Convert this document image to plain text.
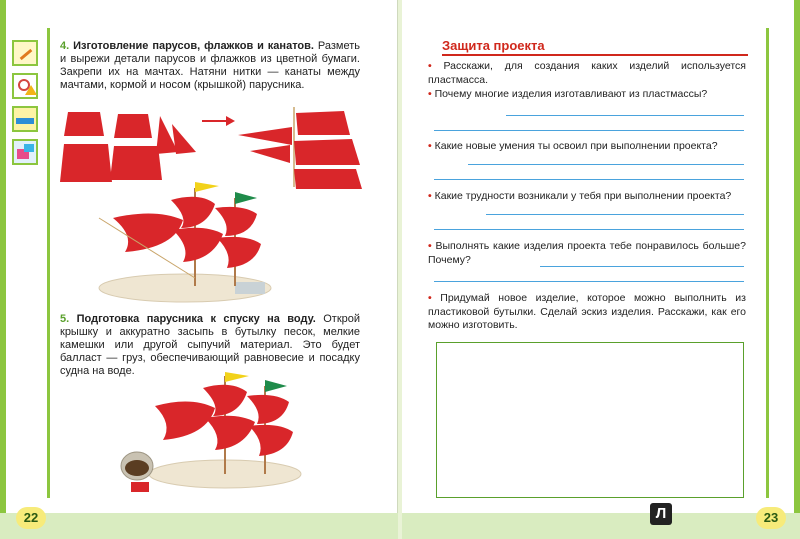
4. Изготовление парусов, флажков и канатов. Разметь и вырежи детали парусов и флажков из цветной бумаги. Закрепи их на мачтах. Натяни нитки — канаты между мачтами, кормой и носом (крышкой) парусника.
5. Подготовка парусника к спуску на воду. Открой крышку и аккуратно засыпь в бутылку песок, мелкие камешки или другой сыпучий материал. Это будет балласт — груз, обеспечивающий равновесие и посадку судна на воде.
22
Защита проекта
• Расскажи, для создания каких изделий используется пластмасса.
• Почему многие изделия изготавливают из пластмассы?
• Какие новые умения ты освоил при выполнении проекта?
• Какие трудности возникали у тебя при выполнении проекта?
• Выполнять какие изделия проекта тебе понравилось больше? Почему?
• Придумай новое изделие, которое можно выполнить из пластиковой бутылки. Сделай эскиз изделия. Расскажи, как его можно изготовить.
23
Л
